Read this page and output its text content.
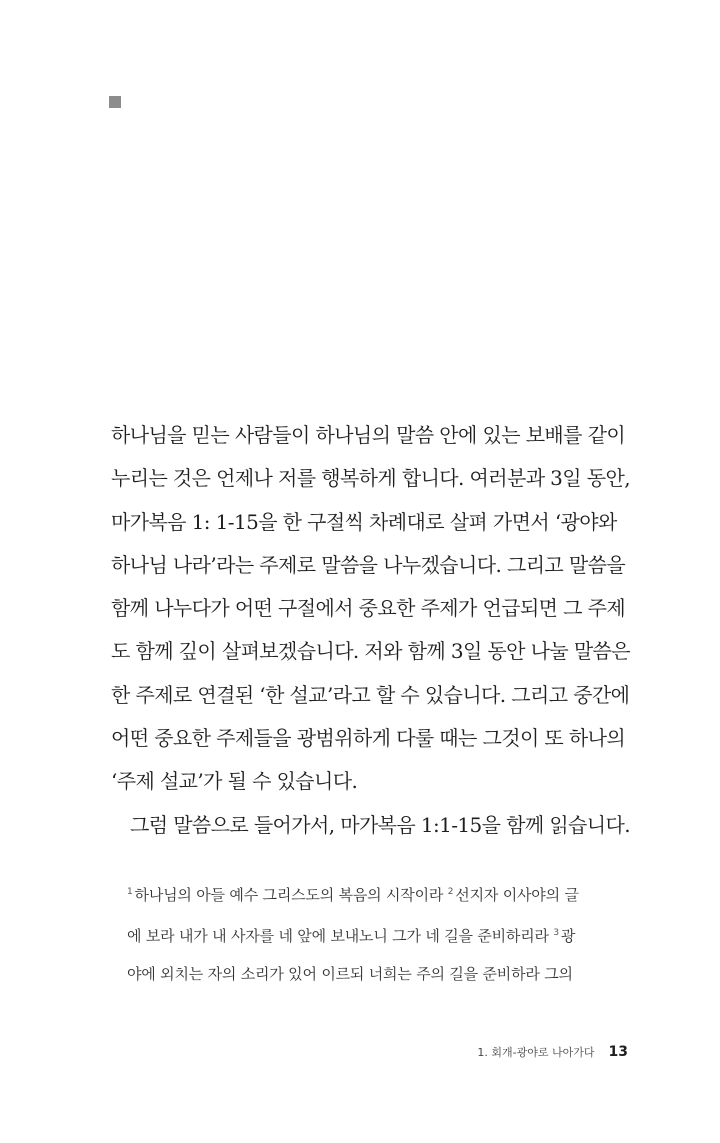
하나님을 믿는 사람들이 하나님의 말씀 안에 있는 보배를 같이
누리는 것은 언제나 저를 행복하게 합니다. 여러분과 3일 동안,
마가복음 1: 1-15을 한 구절씩 차례대로 살펴 가면서 ‘광야와
하나님 나라’라는 주제로 말씀을 나누겠습니다. 그리고 말씀을
함께 나누다가 어떤 구절에서 중요한 주제가 언급되면 그 주제
도 함께 깊이 살펴보겠습니다. 저와 함께 3일 동안 나눌 말씀은
한 주제로 연결된 ‘한 설교’라고 할 수 있습니다. 그리고 중간에
어떤 중요한 주제들을 광범위하게 다룰 때는 그것이 또 하나의
‘주제 설교’가 될 수 있습니다.
그럼 말씀으로 들어가서, 마가복음 1:1-15을 함께 읽습니다.
$^1$ 하나님의 아들 예수 그리스도의 복음의 시작이라 $^2$ 선지자 이사야의 글
에 보라 내가 내 사자를 네 앞에 보내노니 그가 네 길을 준비하리라 $^3$ 광
야에 외치는 자의 소리가 있어 이르되 너희는 주의 길을 준비하라 그의
1. 회개-광야로 나아가다 13
